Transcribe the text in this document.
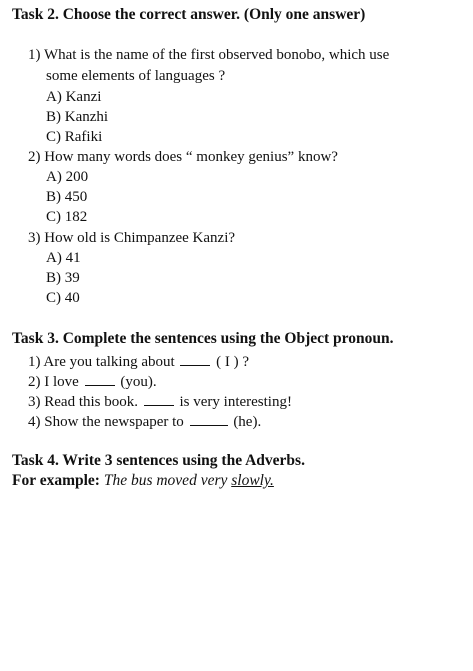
Task 2. Choose the correct answer. (Only one answer)
1) What is the name of the first observed bonobo, which use
some elements of languages ?
A) Kanzi
B) Kanzhi
C) Rafiki
2) How many words does “ monkey genius” know?
A) 200
B) 450
C) 182
3) How old is Chimpanzee Kanzi?
A) 41
B) 39
C) 40
Task 3. Complete the sentences using the Object pronoun.
1) Are you talking about	( I ) ?
2) I love	(you).
3) Read this book.	is very interesting!
4) Show the newspaper to	(he).
Task 4. Write 3 sentences using the Adverbs.
For example: The bus moved very slowly.
